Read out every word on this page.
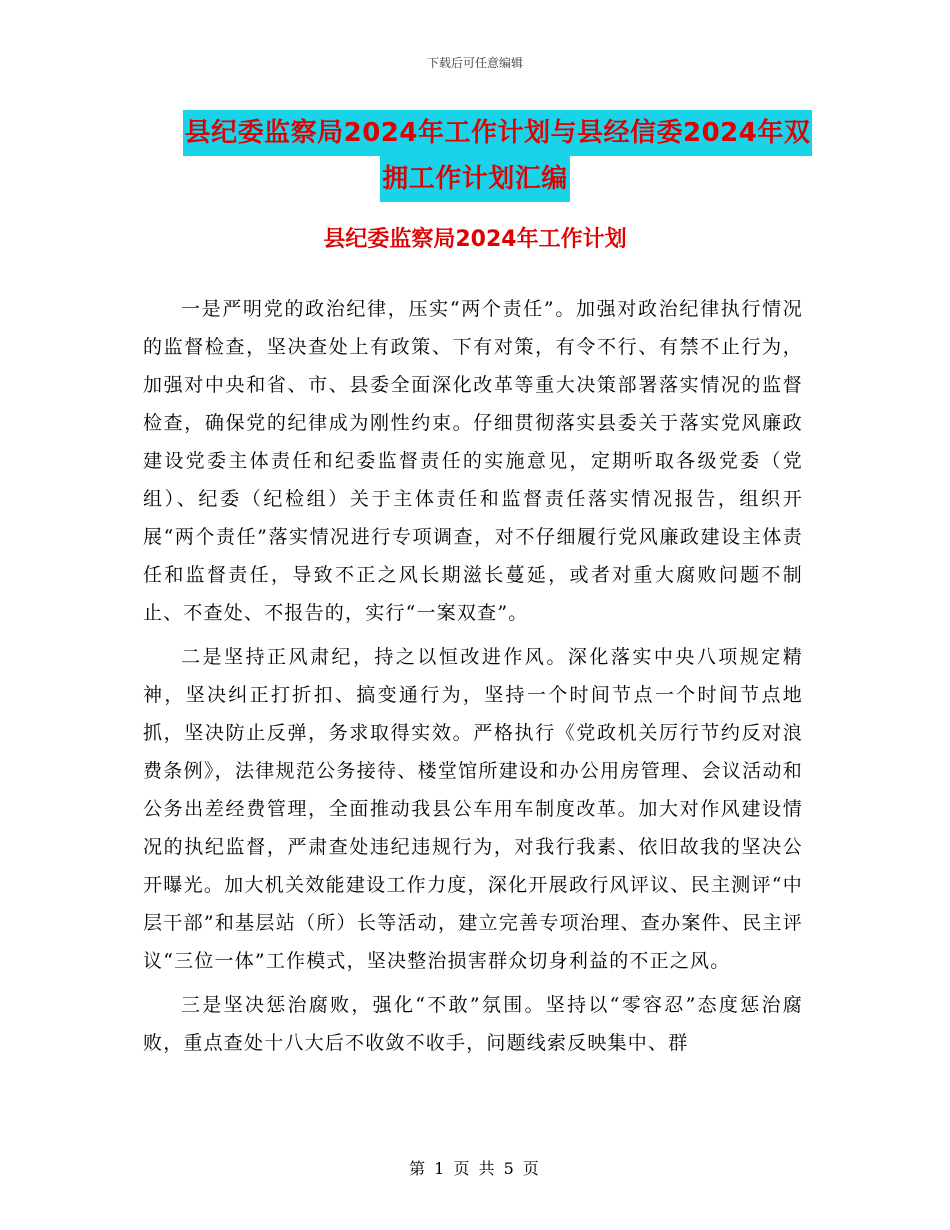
下载后可任意编辑
县纪委监察局2024年工作计划与县经信委2024年双
拥工作计划汇编
县纪委监察局2024年工作计划

一是严明党的政治纪律，压实“两个责任”。加强对政治纪律执行情况的监督检查，坚决查处上有政策、下有对策，有令不行、有禁不止行为，加强对中央和省、市、县委全面深化改革等重大决策部署落实情况的监督检查，确保党的纪律成为刚性约束。仔细贯彻落实县委关于落实党风廉政建设党委主体责任和纪委监督责任的实施意见，定期听取各级党委（党组）、纪委（纪检组）关于主体责任和监督责任落实情况报告，组织开展“两个责任”落实情况进行专项调查，对不仔细履行党风廉政建设主体责任和监督责任，导致不正之风长期滋长蔓延，或者对重大腐败问题不制止、不查处、不报告的，实行“一案双查”。

二是坚持正风肃纪，持之以恒改进作风。深化落实中央八项规定精神，坚决纠正打折扣、搞变通行为，坚持一个时间节点一个时间节点地抓，坚决防止反弹，务求取得实效。严格执行《党政机关厉行节约反对浪费条例》，法律规范公务接待、楼堂馆所建设和办公用房管理、会议活动和公务出差经费管理，全面推动我县公车用车制度改革。加大对作风建设情况的执纪监督，严肃查处违纪违规行为，对我行我素、依旧故我的坚决公开曝光。加大机关效能建设工作力度，深化开展政行风评议、民主测评“中层干部”和基层站（所）长等活动，建立完善专项治理、查办案件、民主评议“三位一体”工作模式，坚决整治损害群众切身利益的不正之风。

三是坚决惩治腐败，强化“不敢”氛围。坚持以“零容忍”态度惩治腐败，重点查处十八大后不收敛不收手，问题线索反映集中、群

第 1 页 共 5 页
